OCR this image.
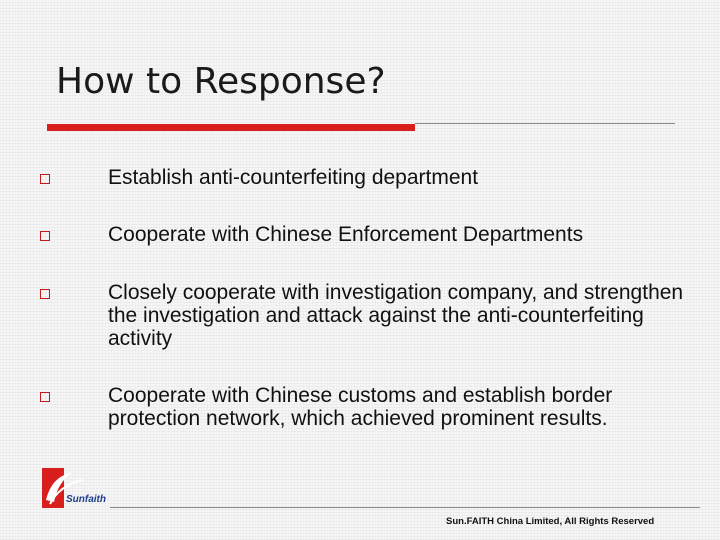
How to Response?
Establish anti-counterfeiting department
Cooperate with Chinese Enforcement Departments
Closely cooperate with investigation company, and strengthen the investigation and attack against the anti-counterfeiting activity
Cooperate with Chinese customs and establish border protection network, which achieved prominent results.
Sunfaith
Sun.FAITH China Limited, All Rights Reserved
